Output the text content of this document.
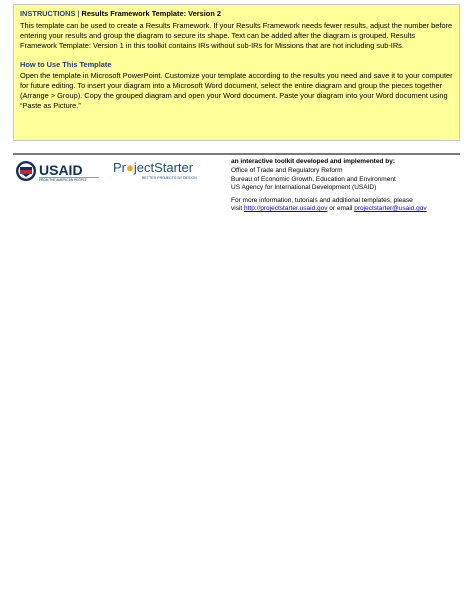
INSTRUCTIONS | Results Framework Template: Version 2
This template can be used to create a Results Framework. If your Results Framework needs fewer results, adjust the number before entering your results and group the diagram to secure its shape. Text can be added after the diagram is grouped. Results Framework Template: Version 1 in this toolkit contains IRs without sub-IRs for Missions that are not including sub-IRs.
How to Use This Template
Open the template in Microsoft PowerPoint. Customize your template according to the results you need and save it to your computer for future editing. To insert your diagram into a Microsoft Word document, select the entire diagram and group the pieces together (Arrange > Group). Copy the grouped diagram and open your Word document. Paste your diagram into your Word document using “Paste as Picture.”
USAID
FROM THE AMERICAN PEOPLE
Pr●jectStarter
BETTER PROJECTS BY DESIGN
an interactive toolkit developed and implemented by:
Office of Trade and Regulatory Reform
Bureau of Economic Growth, Education and Environment
US Agency for International Development (USAID)
For more information, tutorials and additional templates, please
visit http://projectstarter.usaid.gov or email projectstarter@usaid.gov
